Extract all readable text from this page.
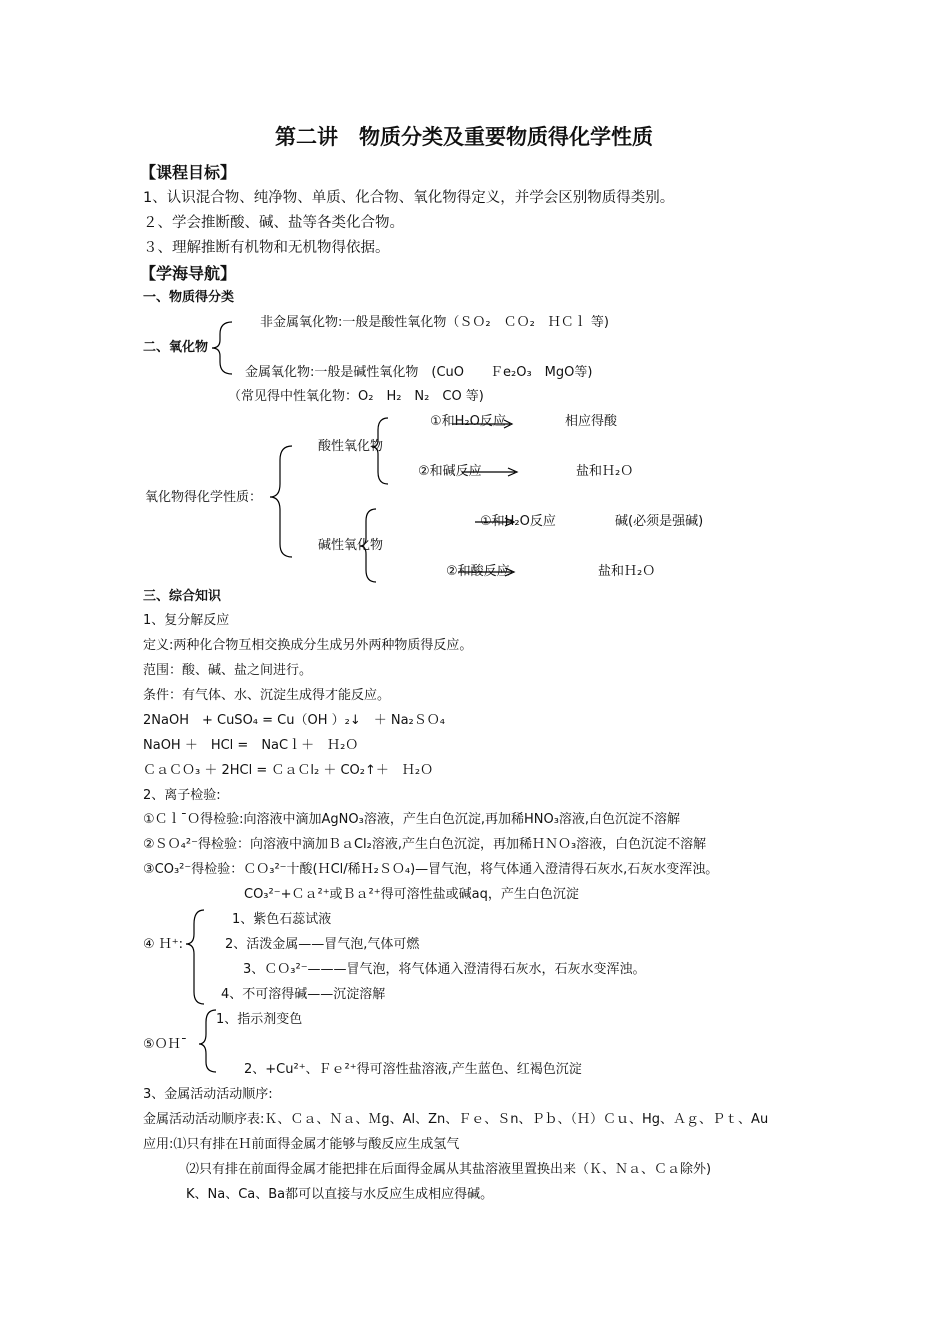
第二讲　物质分类及重要物质得化学性质
【课程目标】
1、认识混合物、纯净物、单质、化合物、氧化物得定义，并学会区别物质得类别。
２、学会推断酸、碱、盐等各类化合物。
３、理解推断有机物和无机物得依据。
【学海导航】
一、物质得分类
二、氧化物
非金属氧化物:一般是酸性氧化物（ＳＯ₂　ＣＯ₂　ＨＣｌ 等)
金属氧化物:一般是碱性氧化物　(CuO　　Ｆe₂O₃　MgO等)
（常见得中性氧化物：O₂　H₂　N₂　CO 等)
氧化物得化学性质：
酸性氧化物
①和H₂O反应	相应得酸
②和碱反应	盐和Ｈ₂Ｏ
碱性氧化物
①和H₂O反应	碱(必须是强碱)
②和酸反应	盐和Ｈ₂Ｏ
三、综合知识
1、复分解反应
定义:两种化合物互相交换成分生成另外两种物质得反应。
范围：酸、碱、盐之间进行。
条件：有气体、水、沉淀生成得才能反应。
2NaOH　+ CuSO₄ = Cu（OH ）₂↓　＋ Na₂ＳＯ₄
NaOH ＋　HCl =　NaCｌ＋　Ｈ₂Ｏ
ＣａＣＯ₃ ＋ 2HCl = ＣａＣl₂ ＋ CO₂↑＋　Ｈ₂Ｏ
2、离子检验:
①ＣｌˉＯ得检验:向溶液中滴加AgNO₃溶液，产生白色沉淀,再加稀HNO₃溶液,白色沉淀不溶解
②ＳＯ₄²⁻得检验：向溶液中滴加ＢａCl₂溶液,产生白色沉淀，再加稀ＨＮＯ₃溶液，白色沉淀不溶解
③CO₃²⁻得检验：ＣＯ₃²⁻十酸(ＨCl/稀Ｈ₂ＳＯ₄)—冒气泡，将气体通入澄清得石灰水,石灰水变浑浊。
CO₃²⁻+Ｃａ²⁺或Ｂａ²⁺得可溶性盐或碱aq，产生白色沉淀
④ Ｈ⁺:
1、紫色石蕊试液
2、活泼金属——冒气泡,气体可燃
3、ＣＯ₃²⁻———冒气泡，将气体通入澄清得石灰水，石灰水变浑浊。
4、不可溶得碱——沉淀溶解
⑤ＯＨˉ
1、指示剂变色
2、+Cu²⁺、Ｆｅ²⁺得可溶性盐溶液,产生蓝色、红褐色沉淀
3、金属活动活动顺序:
金属活动活动顺序表:Ｋ、Ｃａ、Ｎａ、Ｍg、Al、Zn、Ｆｅ、Ｓn、Ｐｂ、（Ｈ）Ｃｕ、Hg、Ａｇ、Ｐｔ、Au
应用:⑴只有排在Ｈ前面得金属才能够与酸反应生成氢气
⑵只有排在前面得金属才能把排在后面得金属从其盐溶液里置换出来（Ｋ、Ｎａ、Ｃａ除外)
K、Na、Ca、Ba都可以直接与水反应生成相应得碱。
